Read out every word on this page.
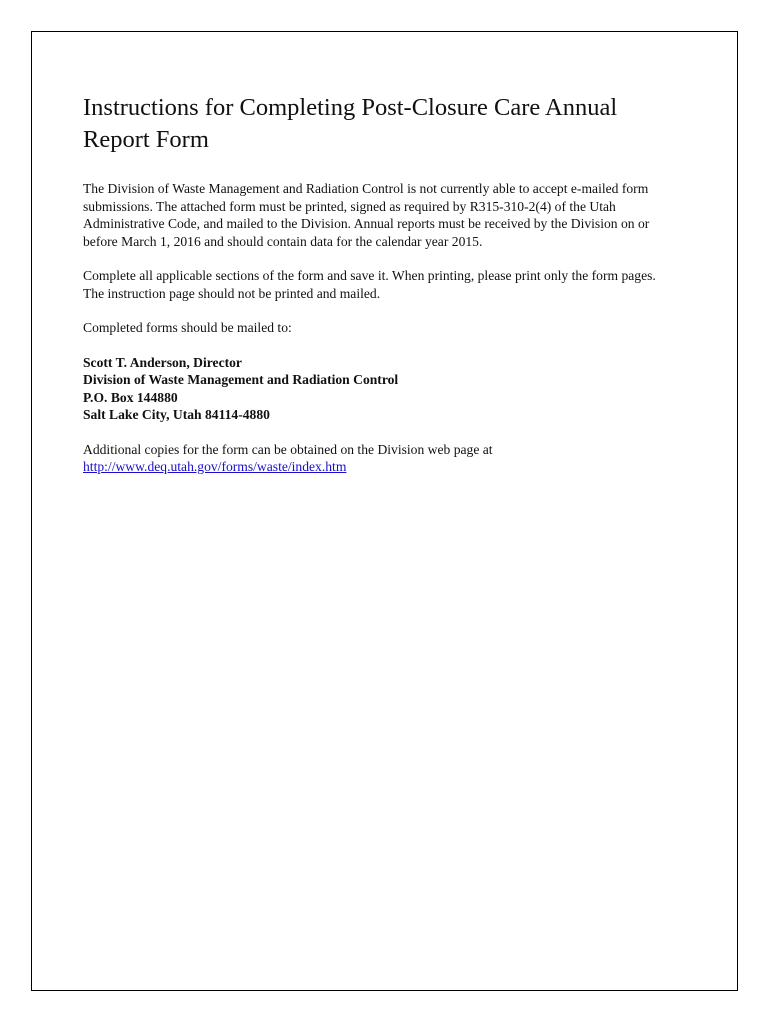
Instructions for Completing Post-Closure Care Annual Report Form

The Division of Waste Management and Radiation Control is not currently able to accept e-mailed form submissions. The attached form must be printed, signed as required by R315-310-2(4) of the Utah Administrative Code, and mailed to the Division. Annual reports must be received by the Division on or before March 1, 2016 and should contain data for the calendar year 2015.

Complete all applicable sections of the form and save it. When printing, please print only the form pages. The instruction page should not be printed and mailed.

Completed forms should be mailed to:

Scott T. Anderson, Director
Division of Waste Management and Radiation Control
P.O. Box 144880
Salt Lake City, Utah 84114-4880

Additional copies for the form can be obtained on the Division web page at
http://www.deq.utah.gov/forms/waste/index.htm
